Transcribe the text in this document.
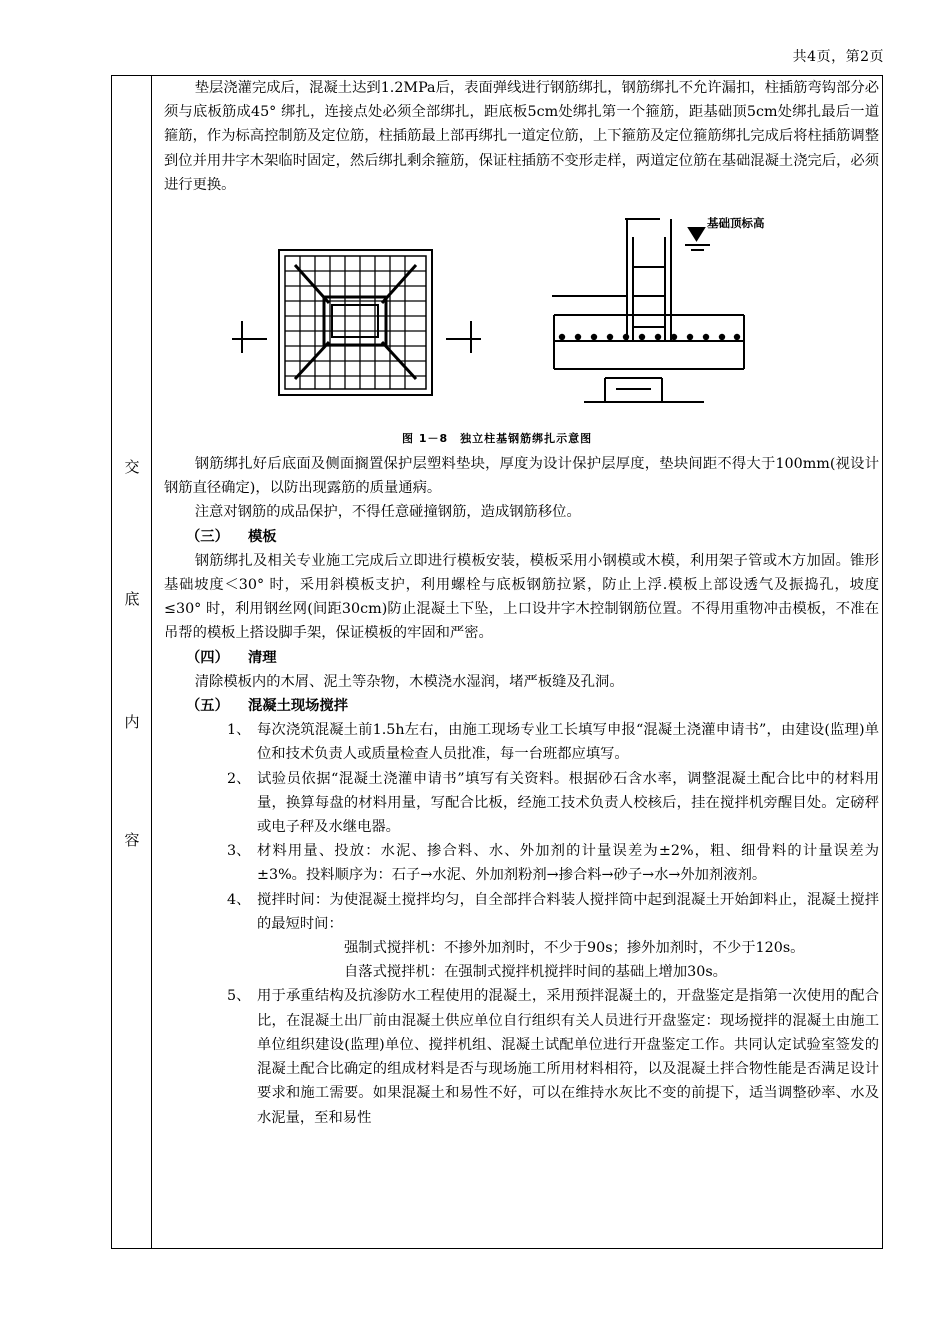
共4页，第2页
交
底
内
容

垫层浇灌完成后，混凝土达到1.2MPa后，表面弹线进行钢筋绑扎，钢筋绑扎不允许漏扣，柱插筋弯钩部分必须与底板筋成45° 绑扎，连接点处必须全部绑扎，距底板5cm处绑扎第一个箍筋，距基础顶5cm处绑扎最后一道箍筋，作为标高控制筋及定位筋，柱插筋最上部再绑扎一道定位筋，上下箍筋及定位箍筋绑扎完成后将柱插筋调整到位并用井字木架临时固定，然后绑扎剩余箍筋，保证柱插筋不变形走样，两道定位筋在基础混凝土浇完后，必须进行更换。

基础顶标高
图 1－8　独立柱基钢筋绑扎示意图

钢筋绑扎好后底面及侧面搁置保护层塑料垫块，厚度为设计保护层厚度，垫块间距不得大于100mm(视设计钢筋直径确定)，以防出现露筋的质量通病。

注意对钢筋的成品保护，不得任意碰撞钢筋，造成钢筋移位。

（三） 模板

钢筋绑扎及相关专业施工完成后立即进行模板安装，模板采用小钢模或木模，利用架子管或木方加固。锥形基础坡度＜30° 时，采用斜模板支护，利用螺栓与底板钢筋拉紧，防止上浮.模板上部设透气及振捣孔，坡度≤30° 时，利用钢丝网(间距30cm)防止混凝土下坠，上口设井字木控制钢筋位置。不得用重物冲击模板，不准在吊帮的模板上搭设脚手架，保证模板的牢固和严密。

（四） 清理

清除模板内的木屑、泥土等杂物，木模浇水湿润，堵严板缝及孔洞。

（五） 混凝土现场搅拌

1、 每次浇筑混凝土前1.5h左右，由施工现场专业工长填写申报“混凝土浇灌申请书”，由建设(监理)单位和技术负责人或质量检查人员批准，每一台班都应填写。

2、 试验员依据“混凝土浇灌申请书”填写有关资料。根据砂石含水率，调整混凝土配合比中的材料用量，换算每盘的材料用量，写配合比板，经施工技术负责人校核后，挂在搅拌机旁醒目处。定磅秤或电子秤及水继电器。

3、 材料用量、投放：水泥、掺合料、水、外加剂的计量误差为±2%，粗、细骨料的计量误差为±3%。投料顺序为：石子→水泥、外加剂粉剂→掺合料→砂子→水→外加剂液剂。

4、 搅拌时间：为使混凝土搅拌均匀，自全部拌合料装人搅拌筒中起到混凝土开始卸料止，混凝土搅拌的最短时间：

强制式搅拌机：不掺外加剂时，不少于90s；掺外加剂时，不少于120s。

自落式搅拌机：在强制式搅拌机搅拌时间的基础上增加30s。

5、 用于承重结构及抗渗防水工程使用的混凝土，采用预拌混凝土的，开盘鉴定是指第一次使用的配合比，在混凝土出厂前由混凝土供应单位自行组织有关人员进行开盘鉴定：现场搅拌的混凝土由施工单位组织建设(监理)单位、搅拌机组、混凝土试配单位进行开盘鉴定工作。共同认定试验室签发的混凝土配合比确定的组成材料是否与现场施工所用材料相符，以及混凝土拌合物性能是否满足设计要求和施工需要。如果混凝土和易性不好，可以在维持水灰比不变的前提下，适当调整砂率、水及水泥量，至和易性
